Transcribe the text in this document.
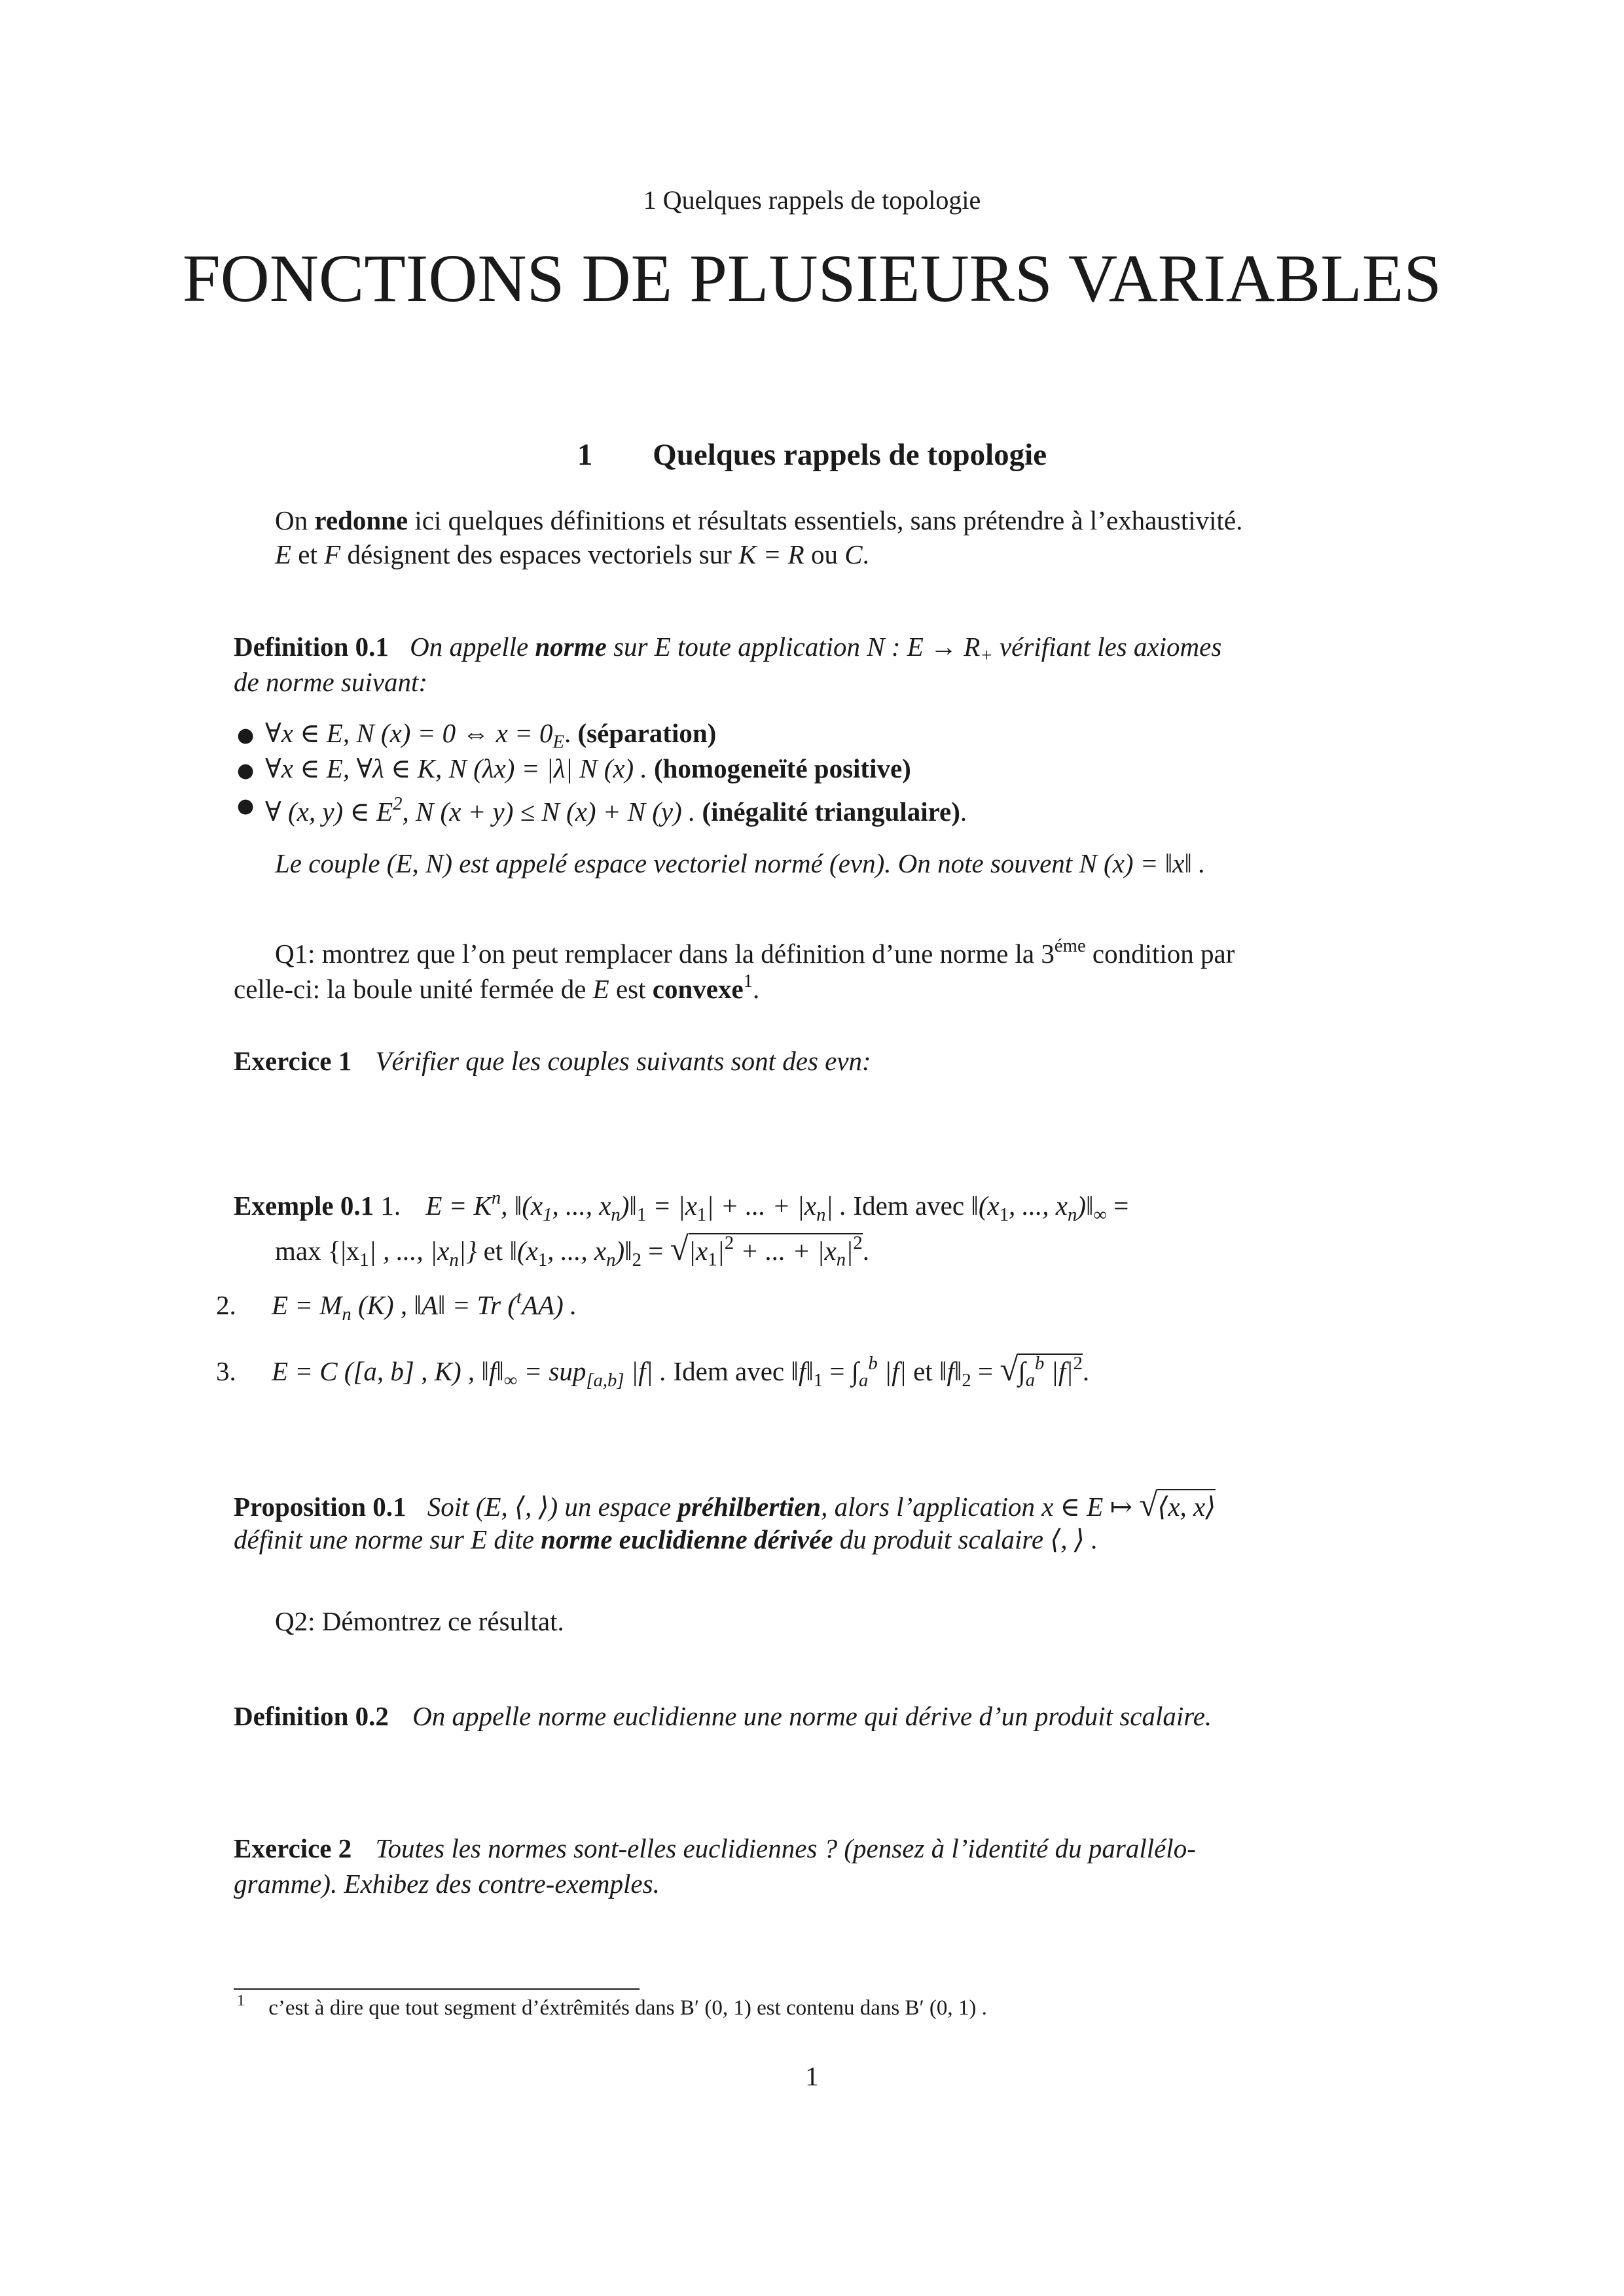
1 Quelques rappels de topologie
FONCTIONS DE PLUSIEURS VARIABLES
1 Quelques rappels de topologie
On redonne ici quelques définitions et résultats essentiels, sans prétendre à l’exhaustivité.
E et F désignent des espaces vectoriels sur K = R ou C.
Definition 0.1 On appelle norme sur E toute application N : $E \to R_+$ vérifiant les axiomes
de norme suivant:
● ∀x ∈ E, N (x) = 0 ⇔ $x = 0_E$. (séparation)
● ∀x ∈ E, ∀λ ∈ K, N (λx) = |λ| N (x) . (homogeneïté positive)
● ∀ (x, y) ∈ $E^2$, N (x + y) ≤ N (x) + N (y) . (inégalité triangulaire).
Le couple (E, N) est appelé espace vectoriel normé (evn). On note souvent N (x) = ‖x‖ .
Q1: montrez que l’on peut remplacer dans la définition d’une norme la $3^{éme}$ condition par
celle-ci: la boule unité fermée de E est convexe$^1$.
Exercice 1 Vérifier que les couples suivants sont des evn:
Exemple 0.1 1. $E = K^n$, $‖(x_1$, ..., $x_n)‖_1 = |x_1|$ + ... + $|x_n|$ . Idem avec $‖(x_1$, ..., $x_n)‖_\infty$ =
$\max \{|x_1|$ , ..., $|x_n|$} et $‖(x_1$, ..., $x_n)‖_2 = √|x_1|^2$ + ... + $|x_n|^2$.
2. $E = M_n$ (K) , ‖A‖ = Tr ($^t$AA) .
3. E = C ([a, b] , K) , $‖f‖_\infty = sup_{[a,b]}$ |f| . Idem avec $‖f‖_1 = \int_a^b$ |f| et $‖f‖_2 = √\int_a^b$ $|f|^2$.
Proposition 0.1 Soit (E, ⟨, ⟩) un espace préhilbertien, alors l’application x ∈ E ↦ √⟨x, x⟩
définit une norme sur E dite norme euclidienne dérivée du produit scalaire ⟨, ⟩ .
Q2: Démontrez ce résultat.
Definition 0.2 On appelle norme euclidienne une norme qui dérive d’un produit scalaire.
Exercice 2 Toutes les normes sont-elles euclidiennes ? (pensez à l’identité du parallélo-
gramme). Exhibez des contre-exemples.
$^1$ c’est à dire que tout segment d’éxtrêmités dans B′ (0, 1) est contenu dans B′ (0, 1) .
1
